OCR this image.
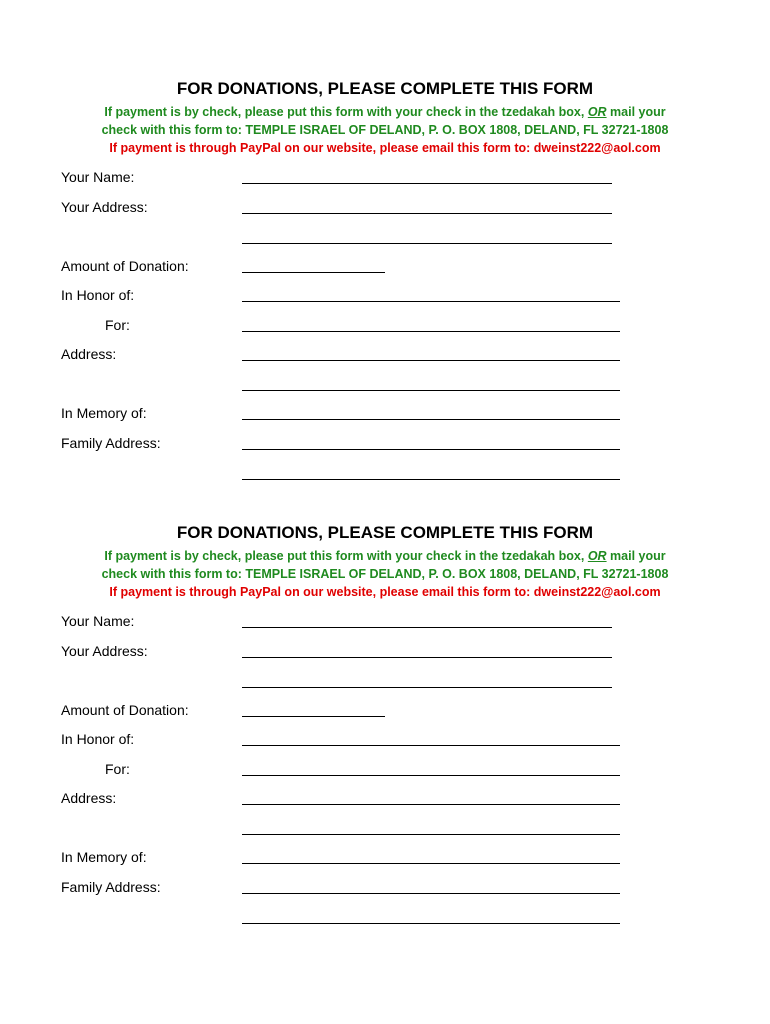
FOR DONATIONS, PLEASE COMPLETE THIS FORM
If payment is by check, please put this form with your check in the tzedakah box, OR mail your
check with this form to: TEMPLE ISRAEL OF DELAND, P. O. BOX 1808, DELAND, FL 32721-1808
If payment is through PayPal on our website, please email this form to: dweinst222@aol.com
Your Name:
Your Address:
Amount of Donation:
In Honor of:
For:
Address:
In Memory of:
Family Address:
FOR DONATIONS, PLEASE COMPLETE THIS FORM
If payment is by check, please put this form with your check in the tzedakah box, OR mail your
check with this form to: TEMPLE ISRAEL OF DELAND, P. O. BOX 1808, DELAND, FL 32721-1808
If payment is through PayPal on our website, please email this form to: dweinst222@aol.com
Your Name:
Your Address:
Amount of Donation:
In Honor of:
For:
Address:
In Memory of:
Family Address:
